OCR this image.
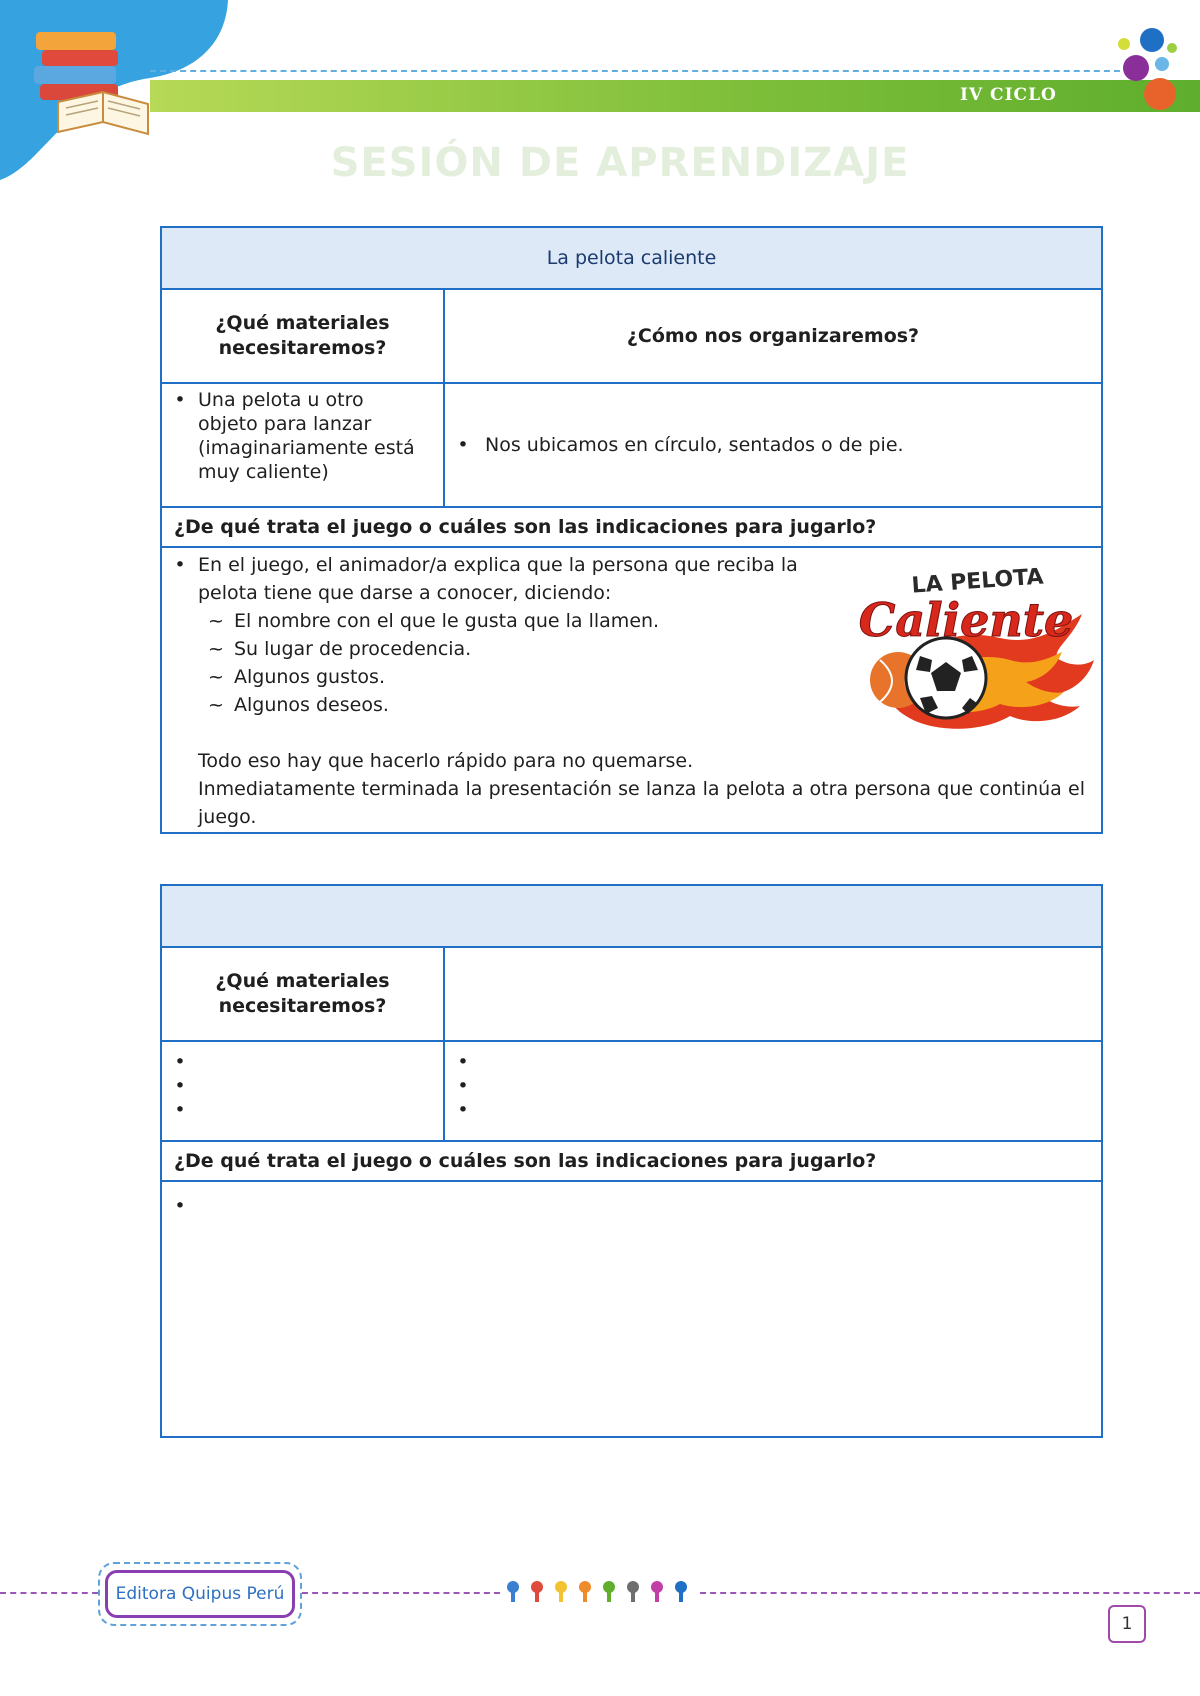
IV CICLO
SESIÓN DE APRENDIZAJE
La pelota caliente
¿Qué materiales necesitaremos?
¿Cómo nos organizaremos?
• Una pelota u otro objeto para lanzar (imaginariamente está muy caliente)
• Nos ubicamos en círculo, sentados o de pie.
¿De qué trata el juego o cuáles son las indicaciones para jugarlo?
• En el juego, el animador/a explica que la persona que reciba la pelota tiene que darse a conocer, diciendo:
~ El nombre con el que le gusta que la llamen.
~ Su lugar de procedencia.
~ Algunos gustos.
~ Algunos deseos.
Todo eso hay que hacerlo rápido para no quemarse.
Inmediatamente terminada la presentación se lanza la pelota a otra persona que continúa el juego.
LA PELOTA
Caliente
¿Qué materiales necesitaremos?
•
•
•
•
•
•
¿De qué trata el juego o cuáles son las indicaciones para jugarlo?
•
Editora Quipus Perú
1
